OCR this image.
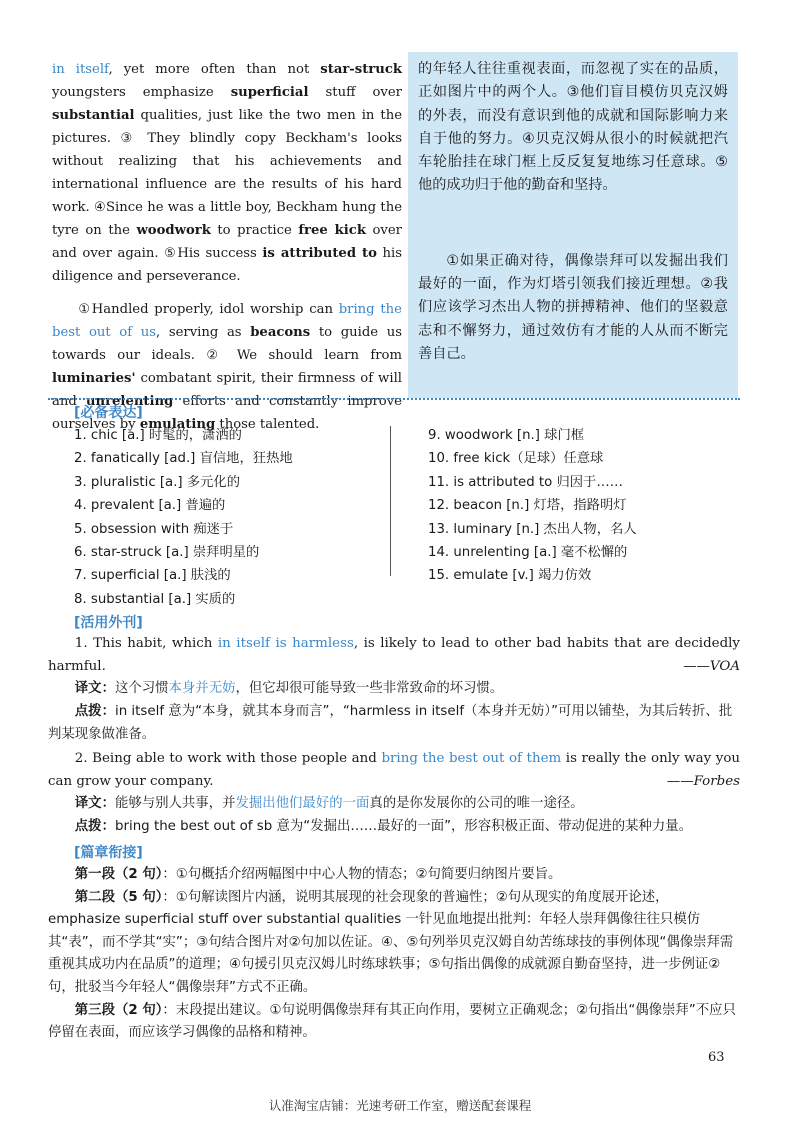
in itself, yet more often than not star-struck youngsters emphasize superficial stuff over substantial qualities, just like the two men in the pictures. ③ They blindly copy Beckham's looks without realizing that his achievements and international influence are the results of his hard work. ④Since he was a little boy, Beckham hung the tyre on the woodwork to practice free kick over and over again. ⑤His success is attributed to his diligence and perseverance.

①Handled properly, idol worship can bring the best out of us, serving as beacons to guide us towards our ideals. ② We should learn from luminaries' combatant spirit, their firmness of will and unrelenting efforts and constantly improve ourselves by emulating those talented.

的年轻人往往重视表面，而忽视了实在的品质，正如图片中的两个人。③他们盲目模仿贝克汉姆的外表，而没有意识到他的成就和国际影响力来自于他的努力。④贝克汉姆从很小的时候就把汽车轮胎挂在球门框上反反复复地练习任意球。⑤他的成功归于他的勤奋和坚持。

①如果正确对待，偶像崇拜可以发掘出我们最好的一面，作为灯塔引领我们接近理想。②我们应该学习杰出人物的拼搏精神、他们的坚毅意志和不懈努力，通过效仿有才能的人从而不断完善自己。

[必备表达]
1. chic [a.] 时髦的，潇洒的
2. fanatically [ad.] 盲信地，狂热地
3. pluralistic [a.] 多元化的
4. prevalent [a.] 普遍的
5. obsession with 痴迷于
6. star-struck [a.] 崇拜明星的
7. superficial [a.] 肤浅的
8. substantial [a.] 实质的
9. woodwork [n.] 球门框
10. free kick（足球）任意球
11. is attributed to 归因于……
12. beacon [n.] 灯塔，指路明灯
13. luminary [n.] 杰出人物，名人
14. unrelenting [a.] 毫不松懈的
15. emulate [v.] 竭力仿效
[活用外刊]
1. This habit, which in itself is harmless, is likely to lead to other bad habits that are decidedly harmful.	——VOA
译文：这个习惯本身并无妨，但它却很可能导致一些非常致命的坏习惯。
点拨：in itself 意为“本身，就其本身而言”，“harmless in itself（本身并无妨）”可用以铺垫，为其后转折、批判某现象做准备。
2. Being able to work with those people and bring the best out of them is really the only way you can grow your company.	——Forbes
译文：能够与别人共事，并发掘出他们最好的一面真的是你发展你的公司的唯一途径。
点拨：bring the best out of sb 意为“发掘出……最好的一面”，形容积极正面、带动促进的某种力量。
[篇章衔接]

第一段（2 句）：①句概括介绍两幅图中中心人物的情态；②句简要归纳图片要旨。

第二段（5 句）：①句解读图片内涵，说明其展现的社会现象的普遍性；②句从现实的角度展开论述，emphasize superficial stuff over substantial qualities 一针见血地提出批判：年轻人崇拜偶像往往只模仿其“表”，而不学其“实”；③句结合图片对②句加以佐证。④、⑤句列举贝克汉姆自幼苦练球技的事例体现“偶像崇拜需重视其成功内在品质”的道理；④句援引贝克汉姆儿时练球轶事；⑤句指出偶像的成就源自勤奋坚持，进一步例证②句，批驳当今年轻人“偶像崇拜”方式不正确。

第三段（2 句）：末段提出建议。①句说明偶像崇拜有其正向作用，要树立正确观念；②句指出“偶像崇拜”不应只停留在表面，而应该学习偶像的品格和精神。

63
认准淘宝店铺：光速考研工作室，赠送配套课程
